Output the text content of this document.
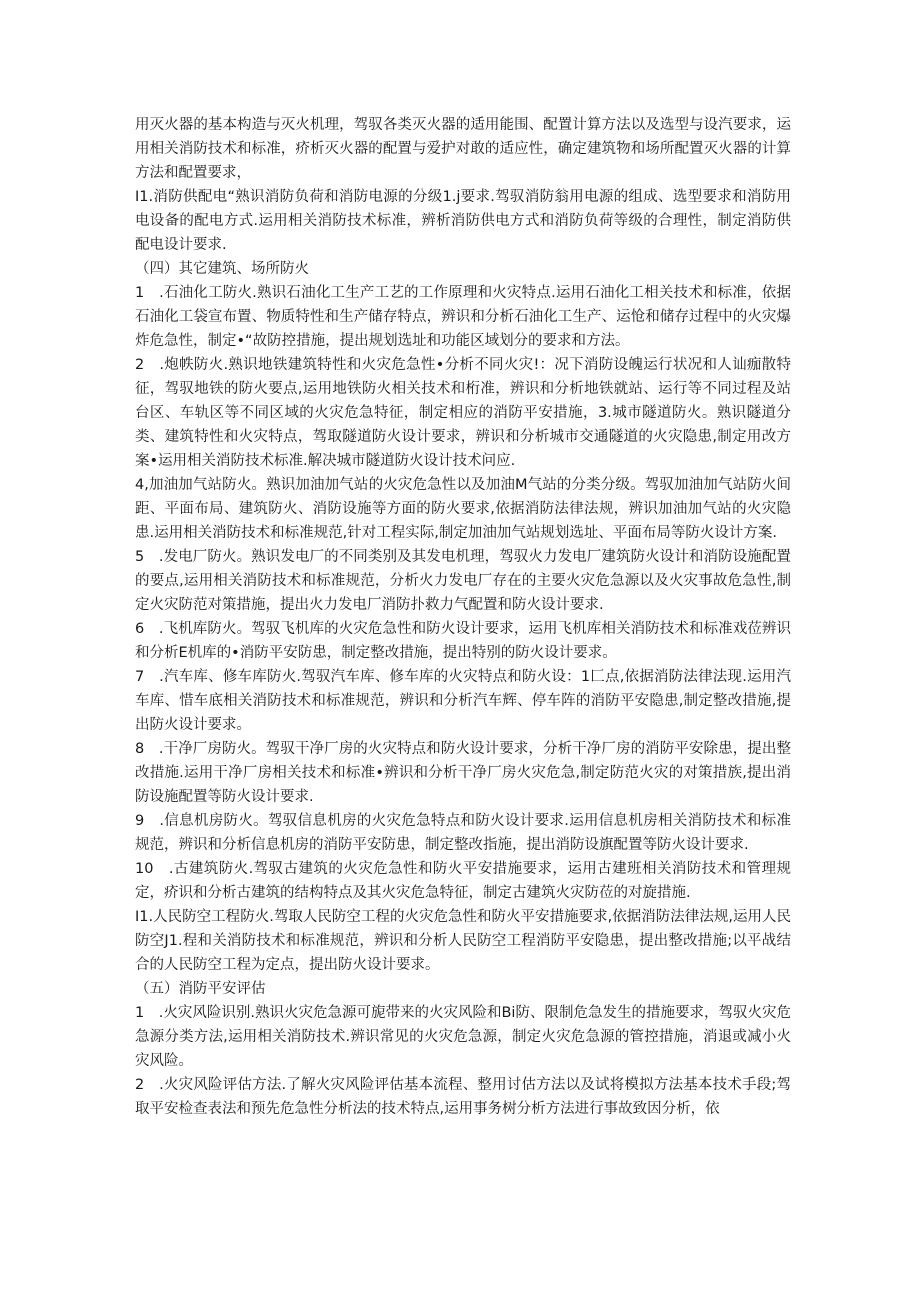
用灭火器的基本构造与灭火机理，驾驭各类灭火器的适用能围、配置计算方法以及选型与设汽要求，运用相关消防技术和标准，疥析灭火器的配置与爱护对敢的适应性，确定建筑物和场所配置灭火器的计算方法和配置要求，

I1.消防供配电“熟识消防负荷和消防电源的分级1.j要求.驾驭消防翁用电源的组成、选型要求和消防用电设备的配电方式.运用相关消防技术标准，辨析消防供电方式和消防负荷等级的合理性，制定消防供配电设计要求.

（四）其它建筑、场所防火

1　.石油化工防火.熟识石油化工生产工艺的工作原理和火灾特点.运用石油化工相关技术和标准，依据石油化工袋宣布置、物质特性和生产储存特点，辨识和分析石油化工生产、运怆和储存过程中的火灾爆炸危急性，制定•“故防控措施，提出规划选址和功能区域划分的要求和方法。

2　.炮帙防火.熟识地铁建筑特性和火灾危急性•分析不同火灾!：况下消防设魄运行状况和人讪痂散特征，驾驭地铁的防火要点,运用地铁防火相关技术和桁准，辨识和分析地铁就站、运行等不同过程及站台区、车轨区等不同区域的火灾危急特征，制定相应的消防平安措施，3.城市隧道防火。熟识隧道分类、建筑特性和火灾特点，驾取隧道防火设计要求，辨识和分析城市交通隧道的火灾隐患,制定用改方案•运用相关消防技术标准.解决城市隧道防火设计技术问应.

4,加油加气站防火。熟识加油加气站的火灾危急性以及加油M气站的分类分级。驾驭加油加气站防火间距、平面布局、建筑防火、消防设施等方面的防火要求,依据消防法律法规，辨识加油加气站的火灾隐患.运用相关消防技术和标准规范,针对工程实际,制定加油加气站规划选址、平面布局等防火设计方案.

5　.发电厂防火。熟识发电厂的不同类别及其发电机理，驾驭火力发电厂建筑防火设计和消防设施配置的要点,运用相关消防技术和标准规范，分析火力发电厂存在的主要火灾危急源以及火灾事故危急性,制定火灾防范对策措施，提出火力发电厂消防扑救力气配置和防火设计要求.

6　.飞机库防火。驾驭飞机库的火灾危急性和防火设计要求，运用飞机库相关消防技术和标准戏莅辨识和分析E机库的•消防平安防患，制定整改措施，提出特别的防火设计要求。

7　.汽车库、修车库防火.驾驭汽车库、修车库的火灾特点和防火设：1匚点,依据消防法律法现.运用汽车库、惜车底相关消防技术和标准规范，辨识和分析汽车辉、停车阵的消防平安隐患,制定整改措施,提出防火设计要求。

8　.干净厂房防火。驾驭干净厂房的火灾特点和防火设计要求，分析干净厂房的消防平安除患，提出整改措施.运用干净厂房相关技术和标准•辨识和分析干净厂房火灾危急,制定防范火灾的对策措族,提出消防设施配置等防火设计要求.

9　.信息机房防火。驾驭信息机房的火灾危急特点和防火设计要求.运用信息机房相关消防技术和标准规范，辨识和分析信息机房的消防平安防患，制定整改指施，提出消防设旗配置等防火设计要求.

10　.古建筑防火.驾驭古建筑的火灾危急性和防火平安措施要求，运用古建班相关消防技术和管理规定，疥识和分析古建筑的结构特点及其火灾危急特征，制定古建筑火灾防莅的对旋措施.

I1.人民防空工程防火.驾取人民防空工程的火灾危急性和防火平安措施要求,依据消防法律法规,运用人民防空J1.程和关消防技术和标准规范，辨识和分析人民防空工程消防平安隐患，提出整改措施;以平战结合的人民防空工程为定点，提出防火设计要求。

（五）消防平安评估

1　.火灾风险识别.熟识火灾危急源可旎带来的火灾风险和Bi防、限制危急发生的措施要求，驾驭火灾危急源分类方法,运用相关消防技术.辨识常见的火灾危急源，制定火灾危急源的管控措施，消退或减小火灾风险。

2　.火灾风险评估方法.了解火灾风险评估基本流程、整用讨估方法以及试将模拟方法基本技术手段;驾取平安检查表法和预先危急性分析法的技术特点,运用事务树分析方法进行事故致因分析，依
